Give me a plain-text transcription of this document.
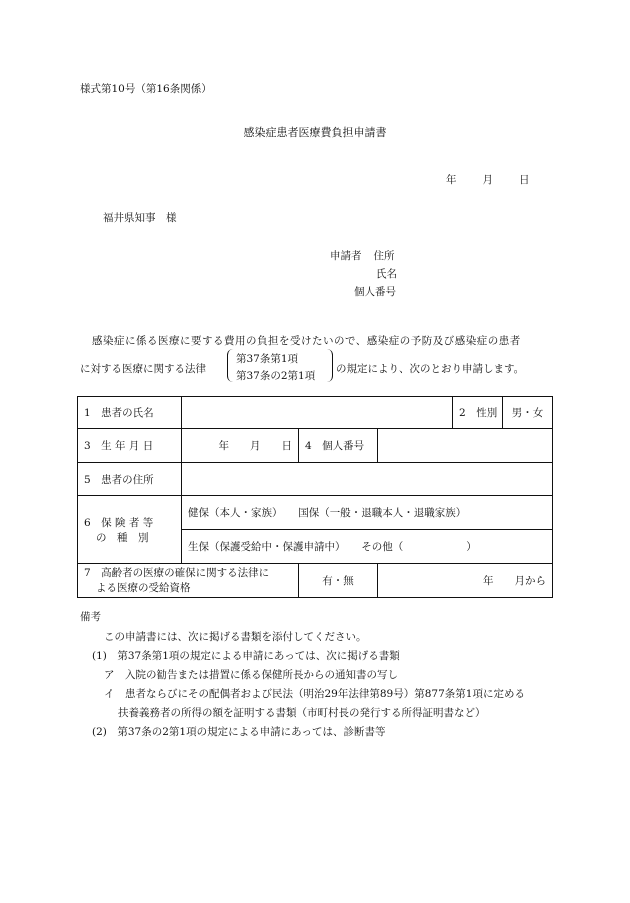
様式第10号（第16条関係）
感染症患者医療費負担申請書
年 月 日
福井県知事　様
申請者 住所
氏名
個人番号
感染症に係る医療に要する費用の負担を受けたいので、感染症の予防及び感染症の患者
に対する医療に関する法律
第37条第1項
第37条の2第1項
の規定により、次のとおり申請します。
1　患者の氏名				2　性別	男・女
3　生 年 月 日	年　　月　　日	4　個人番号			
5　患者の住所					

6　保 険 者 等
の　種　別	健保（本人・家族）　　国保（一般・退職本人・退職家族）				
	生保（保護受給中・保護申請中）　　その他（　　　　　　）				

7　高齢者の医療の確保に関する法律に
よる医療の受給資格		有・無	年　　月から		
備考
この申請書には、次に掲げる書類を添付してください。
(1)　第37条第1項の規定による申請にあっては、次に掲げる書類
ア　入院の勧告または措置に係る保健所長からの通知書の写し
イ　患者ならびにその配偶者および民法（明治29年法律第89号）第877条第1項に定める
扶養義務者の所得の額を証明する書類（市町村長の発行する所得証明書など）
(2)　第37条の2第1項の規定による申請にあっては、診断書等
